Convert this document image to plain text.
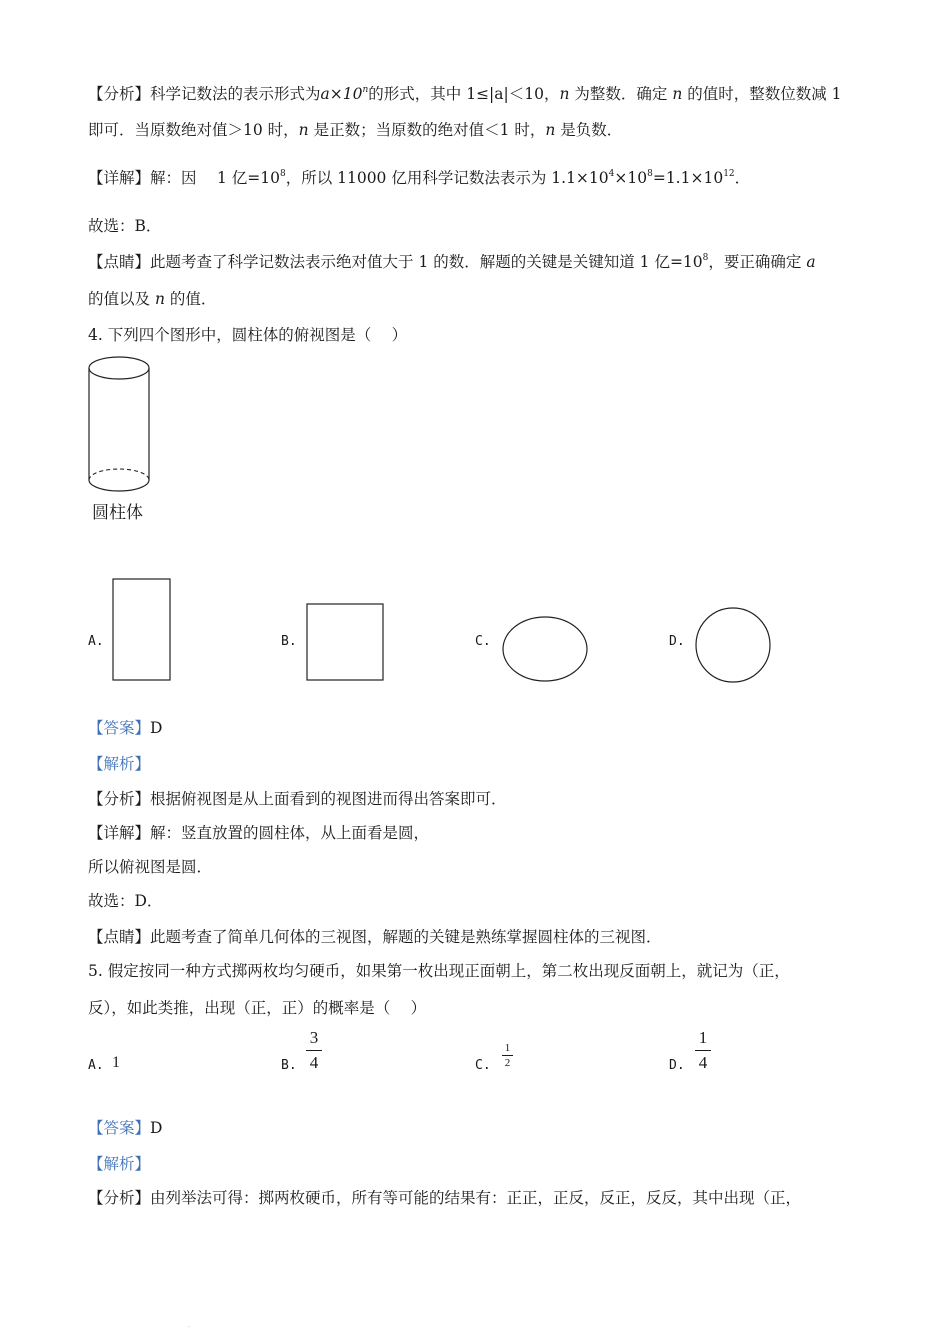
【分析】科学记数法的表示形式为$a\times 10^n$的形式，其中 1≤|a|＜10，n 为整数．确定 n 的值时，整数位数减 1
即可．当原数绝对值＞10 时，n 是正数；当原数的绝对值＜1 时，n 是负数．
【详解】解：因　 1 亿$=10^8$，所以 11000 亿用科学记数法表示为 $1.1\times 10^4\times 10^8=1.1\times 10^{12}$．
故选：B．
【点睛】此题考查了科学记数法表示绝对值大于 1 的数．解题的关键是关键知道 1 亿$=10^8$，要正确确定 a
的值以及 n 的值．
4. 下列四个图形中，圆柱体的俯视图是（　 ）
圆柱体
A.	B.	C.	D.
【答案】D
【解析】
【分析】根据俯视图是从上面看到的视图进而得出答案即可．
【详解】解：竖直放置的圆柱体，从上面看是圆，
所以俯视图是圆．
故选：D．
【点睛】此题考查了简单几何体的三视图，解题的关键是熟练掌握圆柱体的三视图．
5. 假定按同一种方式掷两枚均匀硬币，如果第一枚出现正面朝上，第二枚出现反面朝上，就记为（正，
反），如此类推，出现（正，正）的概率是（　 ）
A. 1	B.
3
4	C.
1
2	D.
1
4
【答案】D
【解析】
【分析】由列举法可得：掷两枚硬币，所有等可能的结果有：正正，正反，反正，反反，其中出现（正，
.
